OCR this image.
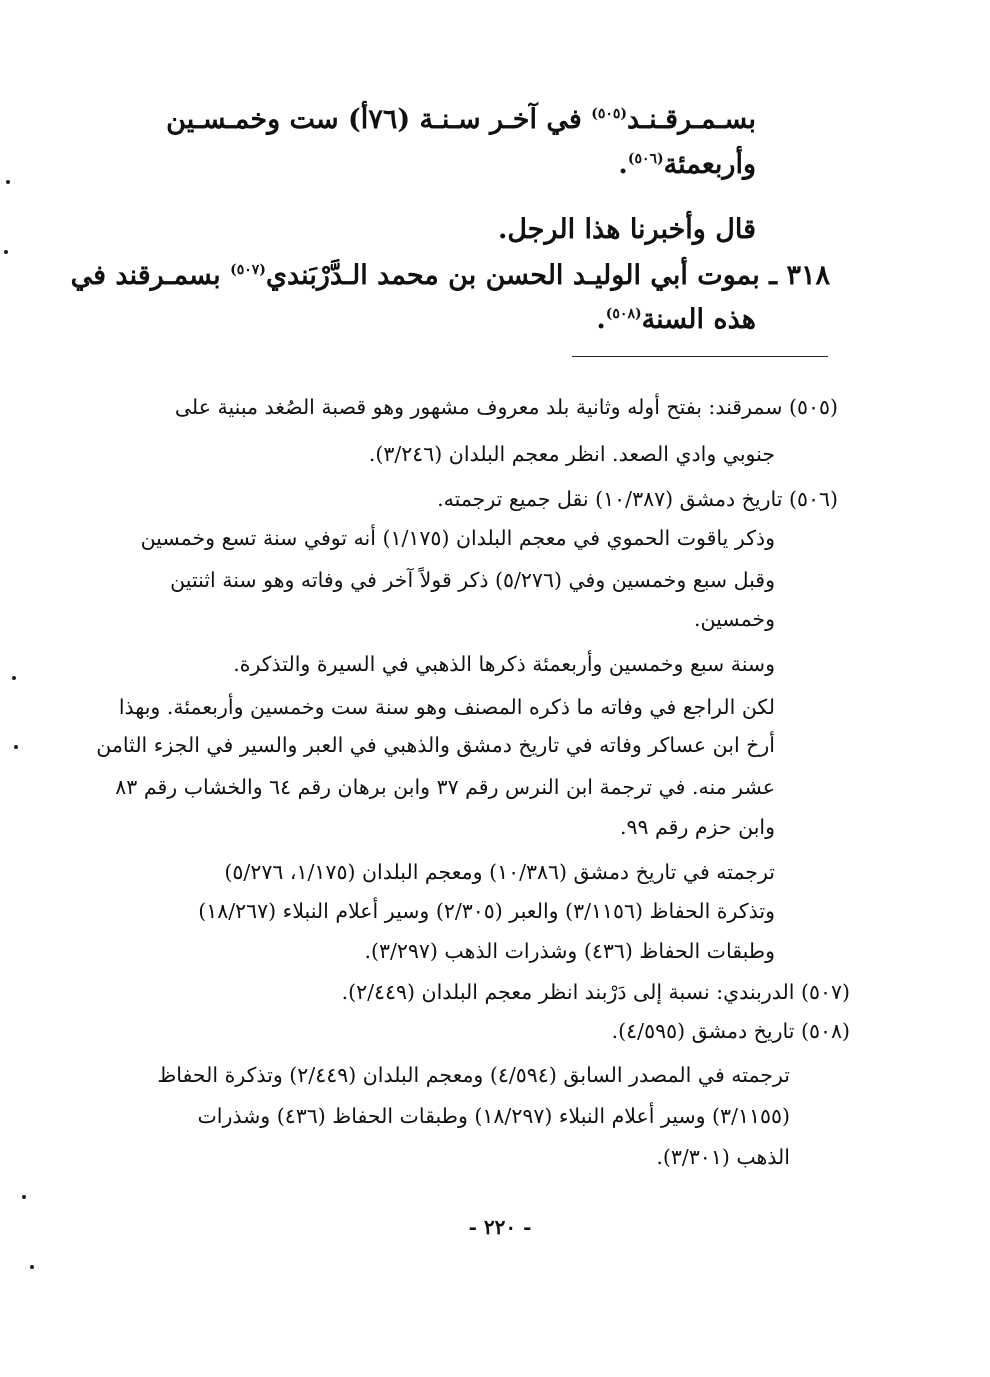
بسـمـرقـنـد$^{(٥٠٥)}$ في آخـر سـنـة (٧٦أ) ست وخمـسـين
وأربعمئة$^{(٥٠٦)}$.
قال وأخبرنا هذا الرجل.
٣١٨ ـ بموت أبي الوليـد الحسن بن محمد الـدَّرْبَندي$^{(٥٠٧)}$ بسمـرقند في
هذه السنة$^{(٥٠٨)}$.
(٥٠٥) سمرقند: بفتح أوله وثانية بلد معروف مشهور وهو قصبة الصُغد مبنية على
جنوبي وادي الصعد. انظر معجم البلدان (٣/٢٤٦).
(٥٠٦) تاريخ دمشق (١٠/٣٨٧) نقل جميع ترجمته.
وذكر ياقوت الحموي في معجم البلدان (١/١٧٥) أنه توفي سنة تسع وخمسين
وقبل سبع وخمسين وفي (٥/٢٧٦) ذكر قولاً آخر في وفاته وهو سنة اثنتين
وخمسين.
وسنة سبع وخمسين وأربعمئة ذكرها الذهبي في السيرة والتذكرة.
لكن الراجع في وفاته ما ذكره المصنف وهو سنة ست وخمسين وأربعمئة. وبهذا
أرخ ابن عساكر وفاته في تاريخ دمشق والذهبي في العبر والسير في الجزء الثامن
عشر منه. في ترجمة ابن النرس رقم ٣٧ وابن برهان رقم ٦٤ والخشاب رقم ٨٣
وابن حزم رقم ٩٩.
ترجمته في تاريخ دمشق (١٠/٣٨٦) ومعجم البلدان (١/١٧٥، ٥/٢٧٦)
وتذكرة الحفاظ (٣/١١٥٦) والعبر (٢/٣٠٥) وسير أعلام النبلاء (١٨/٢٦٧)
وطبقات الحفاظ (٤٣٦) وشذرات الذهب (٣/٢٩٧).
(٥٠٧) الدربندي: نسبة إلى دَرْبند انظر معجم البلدان (٢/٤٤٩).
(٥٠٨) تاريخ دمشق (٤/٥٩٥).
ترجمته في المصدر السابق (٤/٥٩٤) ومعجم البلدان (٢/٤٤٩) وتذكرة الحفاظ
(٣/١١٥٥) وسير أعلام النبلاء (١٨/٢٩٧) وطبقات الحفاظ (٤٣٦) وشذرات
الذهب (٣/٣٠١).
- ٢٢٠ -
